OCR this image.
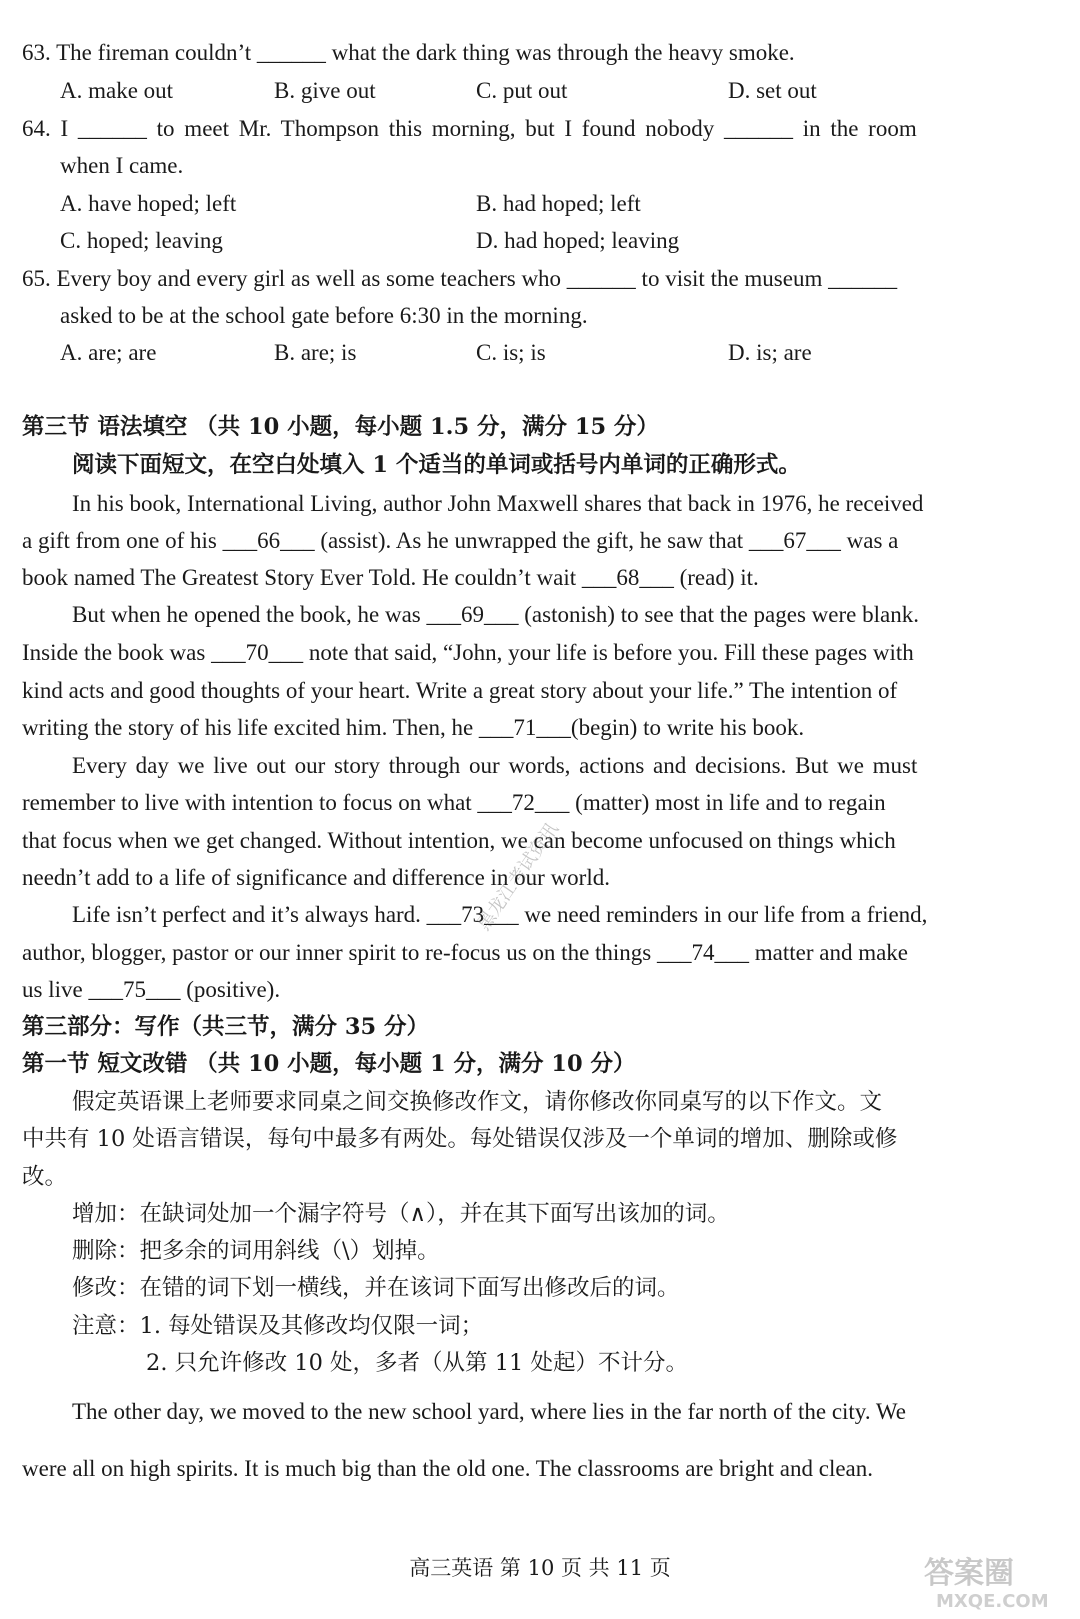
63. The fireman couldn’t ______ what the dark thing was through the heavy smoke.
A. make out	B. give out	C. put out	D. set out
64. I ______ to meet Mr. Thompson this morning, but I found nobody ______ in the room
when I came.
A. have hoped; left	B. had hoped; left
C. hoped; leaving	D. had hoped; leaving
65. Every boy and every girl as well as some teachers who ______ to visit the museum ______
asked to be at the school gate before 6:30 in the morning.
A. are; are	B. are; is	C. is; is	D. is; are
第三节 语法填空 （共 10 小题，每小题 1.5 分，满分 15 分）
阅读下面短文，在空白处填入 1 个适当的单词或括号内单词的正确形式。
In his book, International Living, author John Maxwell shares that back in 1976, he received
a gift from one of his ___66___ (assist). As he unwrapped the gift, he saw that ___67___ was a
book named The Greatest Story Ever Told. He couldn’t wait ___68___ (read) it.
But when he opened the book, he was ___69___ (astonish) to see that the pages were blank.
Inside the book was ___70___ note that said, “John, your life is before you. Fill these pages with
kind acts and good thoughts of your heart. Write a great story about your life.” The intention of
writing the story of his life excited him. Then, he ___71___(begin) to write his book.
Every day we live out our story through our words, actions and decisions. But we must
remember to live with intention to focus on what ___72___ (matter) most in life and to regain
that focus when we get changed. Without intention, we can become unfocused on things which
needn’t add to a life of significance and difference in our world.
Life isn’t perfect and it’s always hard. ___73___ we need reminders in our life from a friend,
author, blogger, pastor or our inner spirit to re-focus us on the things ___74___ matter and make
us live ___75___ (positive).
第三部分：写作（共三节，满分 35 分）
第一节 短文改错 （共 10 小题，每小题 1 分，满分 10 分）
假定英语课上老师要求同桌之间交换修改作文，请你修改你同桌写的以下作文。文
中共有 10 处语言错误，每句中最多有两处。每处错误仅涉及一个单词的增加、删除或修
改。
增加：在缺词处加一个漏字符号（∧），并在其下面写出该加的词。
删除：把多余的词用斜线（\）划掉。
修改：在错的词下划一横线，并在该词下面写出修改后的词。
注意：1. 每处错误及其修改均仅限一词；
2. 只允许修改 10 处，多者（从第 11 处起）不计分。
The other day, we moved to the new school yard, where lies in the far north of the city. We
were all on high spirits. It is much big than the old one. The classrooms are bright and clean.
高三英语 第 10 页 共 11 页
黑龙江考试资讯
答案圈
MXQE.COM
